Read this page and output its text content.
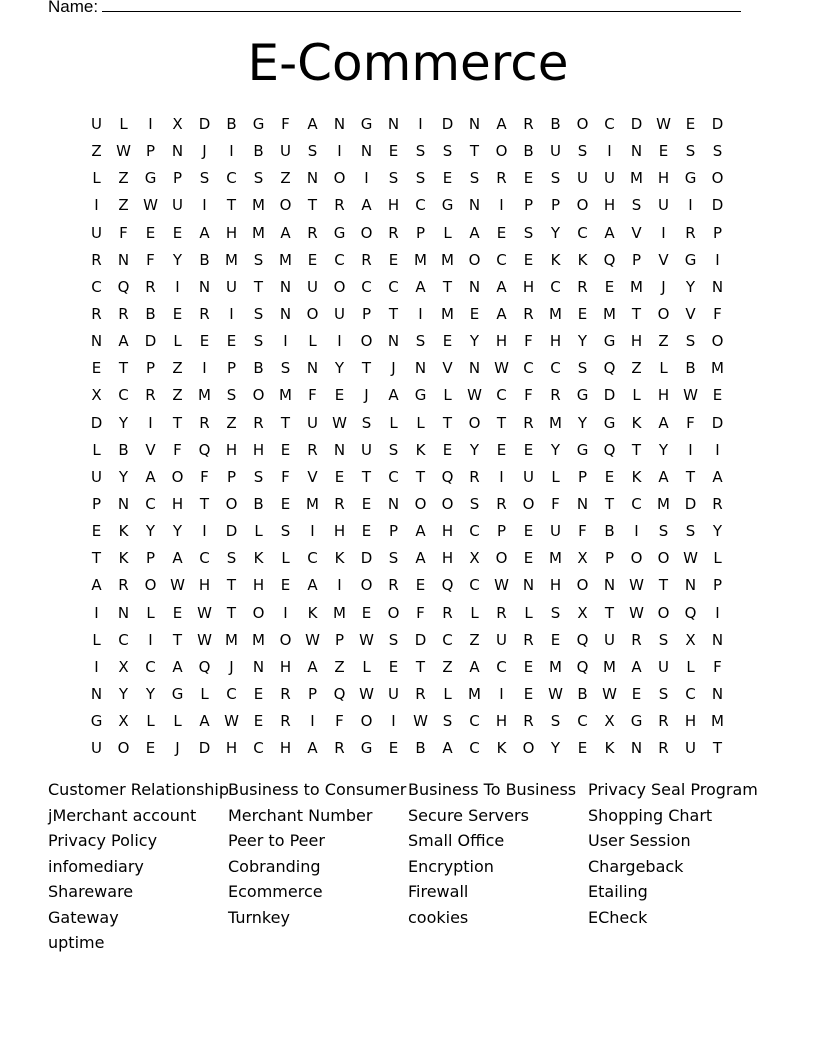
Name:
E-Commerce
U	L	I	X	D	B	G	F	A	N	G	N	I	D	N	A	R	B	O	C	D W E	D
Z W	P	N	J	I	B	U	S	I	N	E	S	S	T	O	B	U	S	I	N	E	S	S
L	Z	G	P	S	C	S	Z	N	O	I	S	S	E	S	R	E	S	U	U	M H	G	O
I	Z W U	I	T	M O	T	R	A	H	C	G	N	I	P	P	O	H	S	U	I	D
U	F	E	E	A	H M	A	R	G	O	R	P	L	A	E	S	Y	C	A	V	I	R	P
R	N	F	Y	B	M	S	M	E	C	R	E	M M O	C	E	K	K	Q	P	V	G	I
C	Q	R	I	N	U	T	N	U	O	C	C	A	T	N	A	H	C	R	E	M	J	Y	N
R	R	B	E	R	I	S	N	O	U	P	T	I	M	E	A	R	M	E	M	T	O	V	F
N	A	D	L	E	E	S	I	L	I	O	N	S	E	Y	H	F	H	Y	G	H	Z	S	O
E	T	P	Z	I	P	B	S	N	Y	T	J	N	V	N W C	C	S	Q	Z	L	B	M
X	C	R	Z	M	S	O M	F	E	J	A	G	L	W C	F	R	G	D	L	H W E
D	Y	I	T	R	Z	R	T	U W S	L	L	T	O	T	R	M	Y	G	K	A	F	D
L	B	V	F	Q	H	H	E	R	N	U	S	K	E	Y	E	E	Y	G	Q	T	Y	I	I
U	Y	A	O	F	P	S	F	V	E	T	C	T	Q	R	I	U	L	P	E	K	A	T	A
P	N	C	H	T	O	B	E	M	R	E	N	O	O	S	R	O	F	N	T	C	M D	R
E	K	Y	Y	I	D	L	S	I	H	E	P	A	H	C	P	E	U	F	B	I	S	S	Y
T	K	P	A	C	S	K	L	C	K	D	S	A	H	X	O	E	M	X	P	O	O W	L
A	R	O W H	T	H	E	A	I	O	R	E	Q	C W N	H	O	N W T	N	P
I	N	L	E W T	O	I	K	M	E	O	F	R	L	R	L	S	X	T	W O	Q	I
L	C	I	T	W M M O W	P	W S	D	C	Z	U	R	E	Q	U	R	S	X	N
I	X	C	A	Q	J	N	H	A	Z	L	E	T	Z	A	C	E	M Q M	A	U	L	F
N	Y	Y	G	L	C	E	R	P	Q W U	R	L	M	I	E W B W E	S	C	N
G	X	L	L	A W E	R	I	F	O	I	W S	C	H	R	S	C	X	G	R	H M
U	O	E	J	D	H	C	H	A	R	G	E	B	A	C	K	O	Y	E	K	N	R	U	T
Customer Relationship
jMerchant account
Privacy Policy
infomediary
Shareware
Gateway
uptime
Business to Consumer
Merchant Number
Peer to Peer
Cobranding
Ecommerce
Turnkey
Business To Business
Secure Servers
Small Office
Encryption
Firewall
cookies
Privacy Seal Program
Shopping Chart
User Session
Chargeback
Etailing
ECheck
